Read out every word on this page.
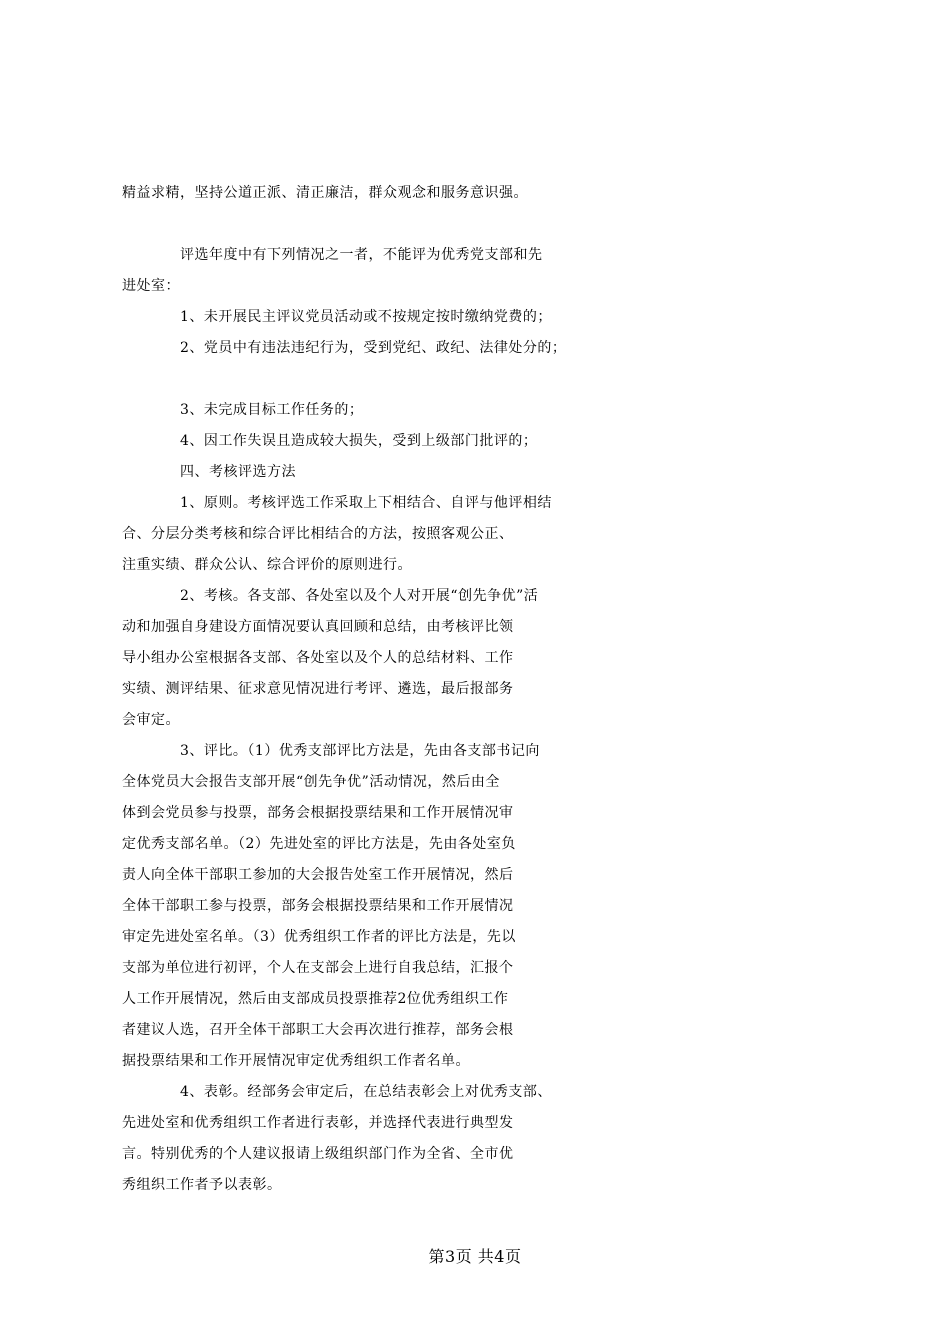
精益求精，坚持公道正派、清正廉洁，群众观念和服务意识强。
评选年度中有下列情况之一者，不能评为优秀党支部和先
进处室：
1、未开展民主评议党员活动或不按规定按时缴纳党费的；
2、党员中有违法违纪行为，受到党纪、政纪、法律处分的；
3、未完成目标工作任务的；
4、因工作失误且造成较大损失，受到上级部门批评的；
四、考核评选方法
1、原则。考核评选工作采取上下相结合、自评与他评相结
合、分层分类考核和综合评比相结合的方法，按照客观公正、
注重实绩、群众公认、综合评价的原则进行。
2、考核。各支部、各处室以及个人对开展“创先争优”活
动和加强自身建设方面情况要认真回顾和总结，由考核评比领
导小组办公室根据各支部、各处室以及个人的总结材料、工作
实绩、测评结果、征求意见情况进行考评、遴选，最后报部务
会审定。
3、评比。（1）优秀支部评比方法是，先由各支部书记向
全体党员大会报告支部开展“创先争优”活动情况，然后由全
体到会党员参与投票，部务会根据投票结果和工作开展情况审
定优秀支部名单。（2）先进处室的评比方法是，先由各处室负
责人向全体干部职工参加的大会报告处室工作开展情况，然后
全体干部职工参与投票，部务会根据投票结果和工作开展情况
审定先进处室名单。（3）优秀组织工作者的评比方法是，先以
支部为单位进行初评，个人在支部会上进行自我总结，汇报个
人工作开展情况，然后由支部成员投票推荐2位优秀组织工作
者建议人选，召开全体干部职工大会再次进行推荐，部务会根
据投票结果和工作开展情况审定优秀组织工作者名单。
4、表彰。经部务会审定后，在总结表彰会上对优秀支部、
先进处室和优秀组织工作者进行表彰，并选择代表进行典型发
言。特别优秀的个人建议报请上级组织部门作为全省、全市优
秀组织工作者予以表彰。
第3页 共4页
